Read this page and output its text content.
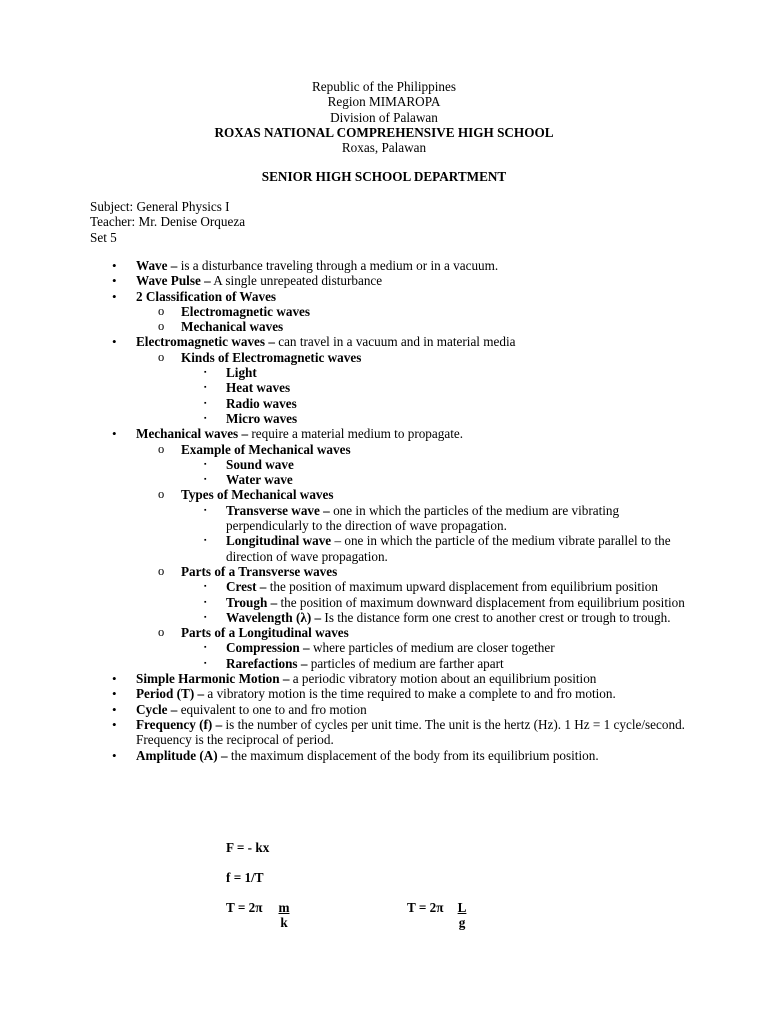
Republic of the Philippines
Region MIMAROPA
Division of Palawan
ROXAS NATIONAL COMPREHENSIVE HIGH SCHOOL
Roxas, Palawan
SENIOR HIGH SCHOOL DEPARTMENT
Subject: General Physics I
Teacher: Mr. Denise Orqueza
Set 5
• Wave – is a disturbance traveling through a medium or in a vacuum.
• Wave Pulse – A single unrepeated disturbance
• 2 Classification of Waves
o Electromagnetic waves
o Mechanical waves
• Electromagnetic waves – can travel in a vacuum and in material media
o Kinds of Electromagnetic waves
▪ Light
▪ Heat waves
▪ Radio waves
▪ Micro waves
• Mechanical waves – require a material medium to propagate.
o Example of Mechanical waves
▪ Sound wave
▪ Water wave
o Types of Mechanical waves
▪ Transverse wave – one in which the particles of the medium are vibrating perpendicularly to the direction of wave propagation.
▪ Longitudinal wave – one in which the particle of the medium vibrate parallel to the direction of wave propagation.
o Parts of a Transverse waves
▪ Crest – the position of maximum upward displacement from equilibrium position
▪ Trough – the position of maximum downward displacement from equilibrium position
▪ Wavelength (λ) – Is the distance form one crest to another crest or trough to trough.
o Parts of a Longitudinal waves
▪ Compression – where particles of medium are closer together
▪ Rarefactions – particles of medium are farther apart
• Simple Harmonic Motion – a periodic vibratory motion about an equilibrium position
• Period (T) – a vibratory motion is the time required to make a complete to and fro motion.
• Cycle – equivalent to one to and fro motion
• Frequency (f) – is the number of cycles per unit time. The unit is the hertz (Hz). 1 Hz = 1 cycle/second. Frequency is the reciprocal of period.
• Amplitude (A) – the maximum displacement of the body from its equilibrium position.
F = - kx
f = 1/T
$T = 2\pi \frac{m}{k}$	$T = 2\pi \frac{L}{g}$
